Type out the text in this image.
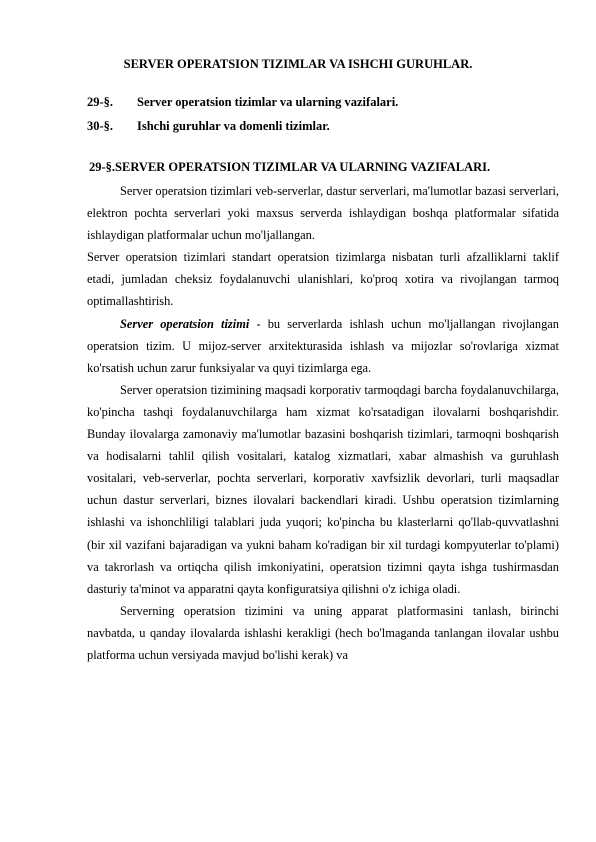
SERVER OPERATSION TIZIMLAR VA ISHCHI GURUHLAR.
29-§. Server operatsion tizimlar va ularning vazifalari.
30-§. Ishchi guruhlar va domenli tizimlar.
29-§.SERVER OPERATSION TIZIMLAR VA ULARNING VAZIFALARI.

Server operatsion tizimlari veb-serverlar, dastur serverlari, ma'lumotlar bazasi serverlari, elektron pochta serverlari yoki maxsus serverda ishlaydigan boshqa platformalar sifatida ishlaydigan platformalar uchun mo'ljallangan.

Server operatsion tizimlari standart operatsion tizimlarga nisbatan turli afzalliklarni taklif etadi, jumladan cheksiz foydalanuvchi ulanishlari, ko'proq xotira va rivojlangan tarmoq optimallashtirish.

Server operatsion tizimi - bu serverlarda ishlash uchun mo'ljallangan rivojlangan operatsion tizim. U mijoz-server arxitekturasida ishlash va mijozlar so'rovlariga xizmat ko'rsatish uchun zarur funksiyalar va quyi tizimlarga ega.

Server operatsion tizimining maqsadi korporativ tarmoqdagi barcha foydalanuvchilarga, ko'pincha tashqi foydalanuvchilarga ham xizmat ko'rsatadigan ilovalarni boshqarishdir. Bunday ilovalarga zamonaviy ma'lumotlar bazasini boshqarish tizimlari, tarmoqni boshqarish va hodisalarni tahlil qilish vositalari, katalog xizmatlari, xabar almashish va guruhlash vositalari, veb-serverlar, pochta serverlari, korporativ xavfsizlik devorlari, turli maqsadlar uchun dastur serverlari, biznes ilovalari backendlari kiradi. Ushbu operatsion tizimlarning ishlashi va ishonchliligi talablari juda yuqori; ko'pincha bu klasterlarni qo'llab-quvvatlashni (bir xil vazifani bajaradigan va yukni baham ko'radigan bir xil turdagi kompyuterlar to'plami) va takrorlash va ortiqcha qilish imkoniyatini, operatsion tizimni qayta ishga tushirmasdan dasturiy ta'minot va apparatni qayta konfiguratsiya qilishni o'z ichiga oladi.

Serverning operatsion tizimini va uning apparat platformasini tanlash, birinchi navbatda, u qanday ilovalarda ishlashi kerakligi (hech bo'lmaganda tanlangan ilovalar ushbu platforma uchun versiyada mavjud bo'lishi kerak) va
